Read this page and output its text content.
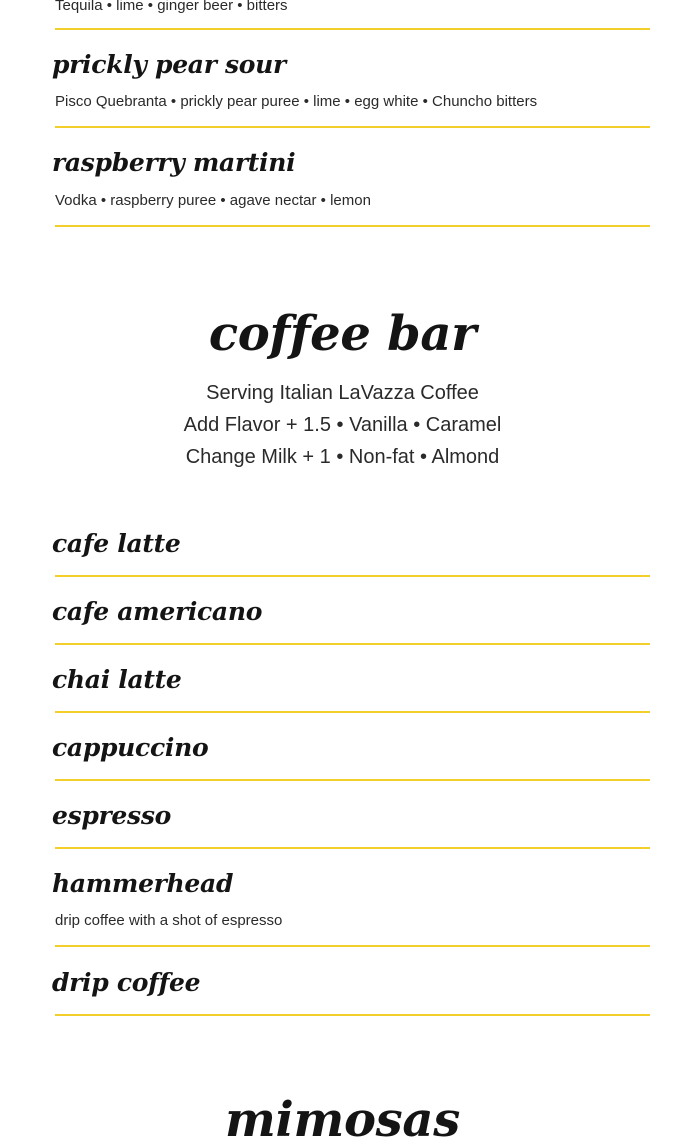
Tequila • lime • ginger beer • bitters
prickly pear sour
Pisco Quebranta • prickly pear puree • lime • egg white • Chuncho bitters
raspberry martini
Vodka • raspberry puree • agave nectar • lemon
coffee bar
Serving Italian LaVazza Coffee
Add Flavor + 1.5 • Vanilla • Caramel
Change Milk + 1 • Non-fat • Almond
cafe latte
cafe americano
chai latte
cappuccino
espresso
hammerhead
drip coffee with a shot of espresso
drip coffee
mimosas
